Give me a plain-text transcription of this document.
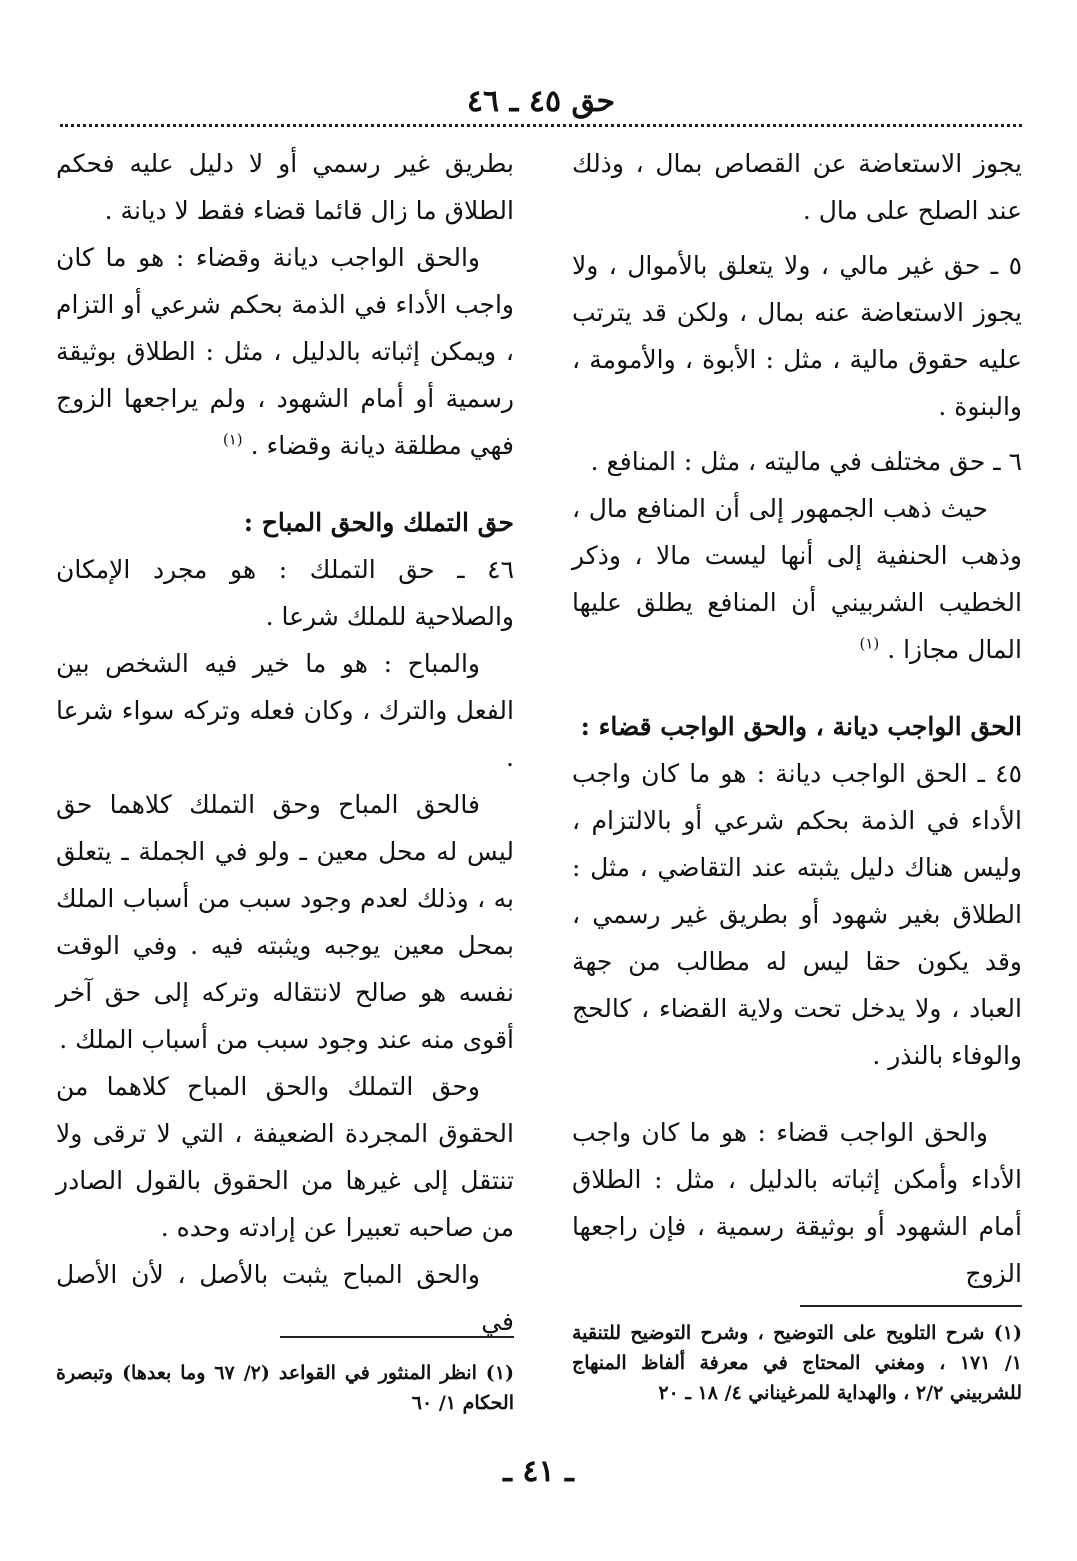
حق ٤٥ ـ ٤٦

يجوز الاستعاضة عن القصاص بمال ، وذلك عند الصلح على مال .

٥ ـ حق غير مالي ، ولا يتعلق بالأموال ، ولا يجوز الاستعاضة عنه بمال ، ولكن قد يترتب عليه حقوق مالية ، مثل : الأبوة ، والأمومة ، والبنوة .

٦ ـ حق مختلف في ماليته ، مثل : المنافع .

حيث ذهب الجمهور إلى أن المنافع مال ، وذهب الحنفية إلى أنها ليست مالا ، وذكر الخطيب الشربيني أن المنافع يطلق عليها المال مجازا . $^{(١)}$

الحق الواجب ديانة ، والحق الواجب قضاء :

٤٥ ـ الحق الواجب ديانة : هو ما كان واجب الأداء في الذمة بحكم شرعي أو بالالتزام ، وليس هناك دليل يثبته عند التقاضي ، مثل : الطلاق بغير شهود أو بطريق غير رسمي ، وقد يكون حقا ليس له مطالب من جهة العباد ، ولا يدخل تحت ولاية القضاء ، كالحج والوفاء بالنذر .

والحق الواجب قضاء : هو ما كان واجب الأداء وأمكن إثباته بالدليل ، مثل : الطلاق أمام الشهود أو بوثيقة رسمية ، فإن راجعها الزوج

بطريق غير رسمي أو لا دليل عليه فحكم الطلاق ما زال قائما قضاء فقط لا ديانة .

والحق الواجب ديانة وقضاء : هو ما كان واجب الأداء في الذمة بحكم شرعي أو التزام ، ويمكن إثباته بالدليل ، مثل : الطلاق بوثيقة رسمية أو أمام الشهود ، ولم يراجعها الزوج فهي مطلقة ديانة وقضاء . $^{(١)}$

حق التملك والحق المباح :

٤٦ ـ حق التملك : هو مجرد الإمكان والصلاحية للملك شرعا .

والمباح : هو ما خير فيه الشخص بين الفعل والترك ، وكان فعله وتركه سواء شرعا .

فالحق المباح وحق التملك كلاهما حق ليس له محل معين ـ ولو في الجملة ـ يتعلق به ، وذلك لعدم وجود سبب من أسباب الملك بمحل معين يوجبه ويثبته فيه . وفي الوقت نفسه هو صالح لانتقاله وتركه إلى حق آخر أقوى منه عند وجود سبب من أسباب الملك .

وحق التملك والحق المباح كلاهما من الحقوق المجردة الضعيفة ، التي لا ترقى ولا تنتقل إلى غيرها من الحقوق بالقول الصادر من صاحبه تعبيرا عن إرادته وحده .

والحق المباح يثبت بالأصل ، لأن الأصل في	(١) شرح التلويح على التوضيح ، وشرح التوضيح للتنقية ١/ ١٧١ ، ومغني المحتاج في معرفة ألفاظ المنهاج للشربيني ٢/٢ ، والهداية للمرغيناني ٤/ ١٨ ـ ٢٠

(١) انظر المنثور في القواعد (٢/ ٦٧ وما بعدها) وتبصرة الحكام ١/ ٦٠

ـ ٤١ ـ
